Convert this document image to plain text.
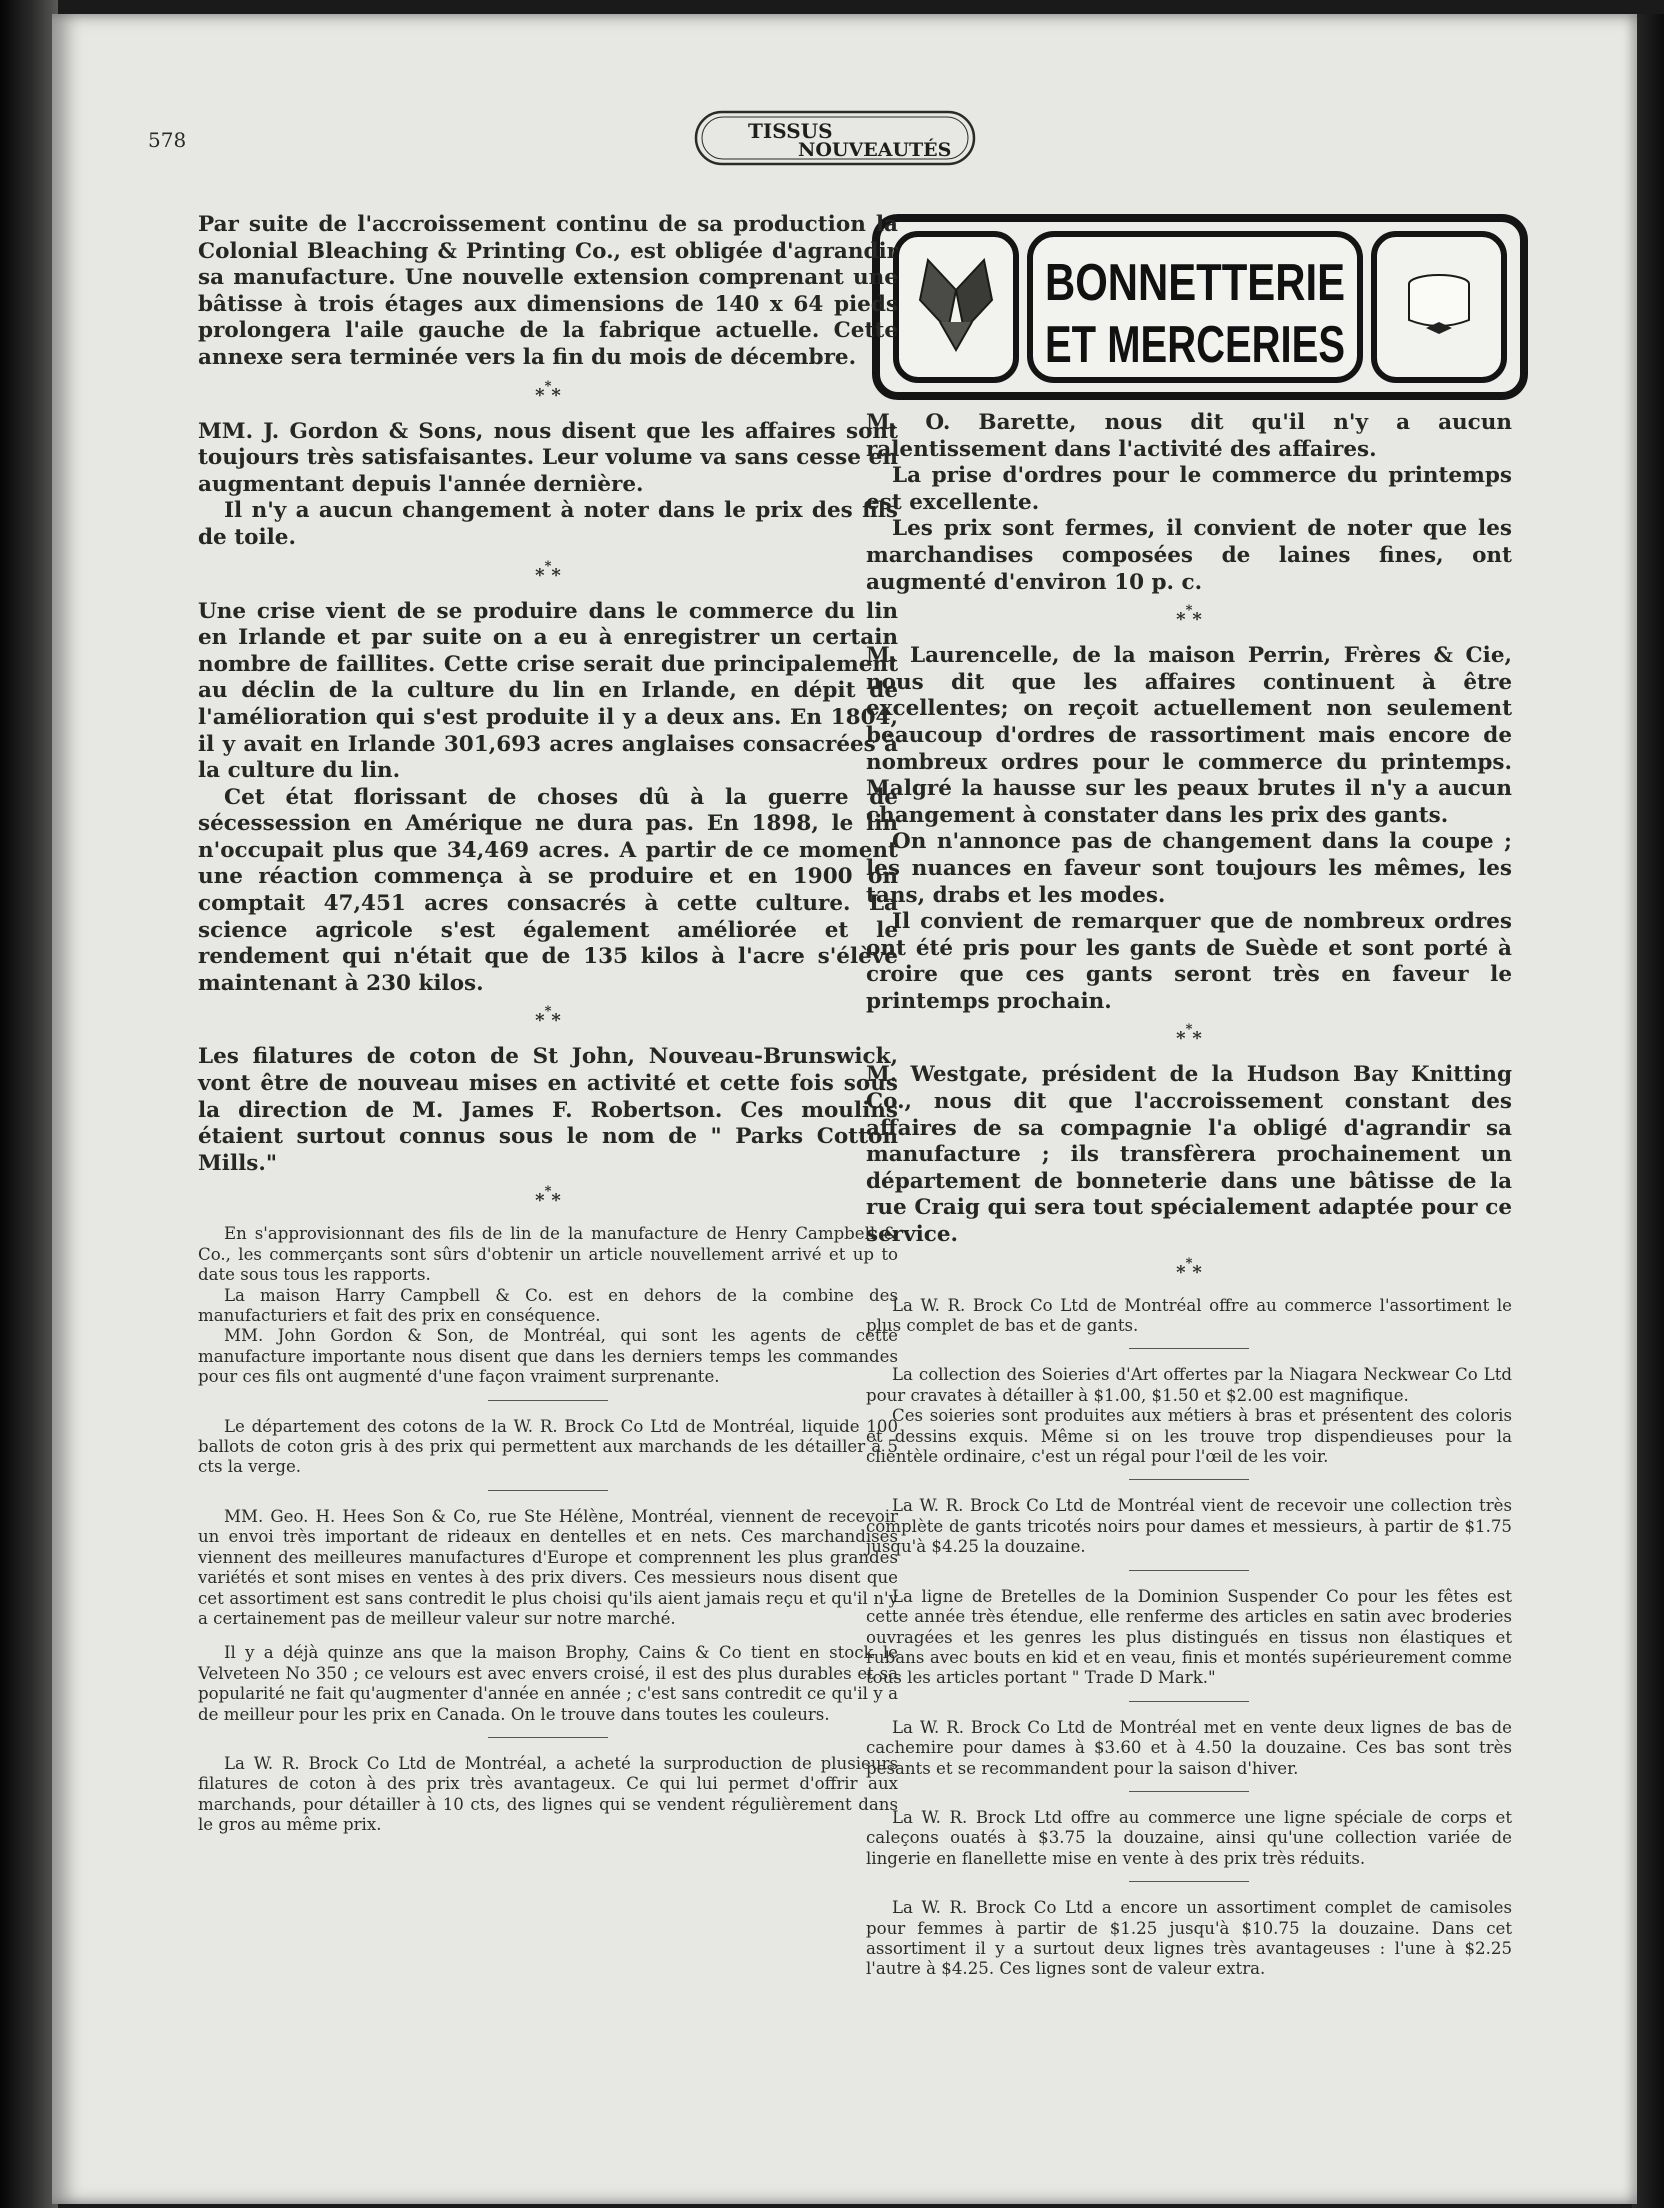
578	TISSUS
NOUVEAUTÉS
BONNETTERIE
ET MERCERIES

Par suite de l'accroissement continu de sa production la Colonial Bleaching & Printing Co., est obligée d'agrandir sa manufacture. Une nouvelle extension comprenant une bâtisse à trois étages aux dimensions de 140 x 64 pieds prolongera l'aile gauche de la fabrique actuelle. Cette annexe sera terminée vers la fin du mois de décembre.

***

MM. J. Gordon & Sons, nous disent que les affaires sont toujours très satisfaisantes. Leur volume va sans cesse en augmentant depuis l'année dernière.

Il n'y a aucun changement à noter dans le prix des fils de toile.

***

Une crise vient de se produire dans le commerce du lin en Irlande et par suite on a eu à enregistrer un certain nombre de faillites. Cette crise serait due principalement au déclin de la culture du lin en Irlande, en dépit de l'amélioration qui s'est produite il y a deux ans. En 1804, il y avait en Irlande 301,693 acres anglaises consacrées à la culture du lin.

Cet état florissant de choses dû à la guerre de sécessession en Amérique ne dura pas. En 1898, le lin n'occupait plus que 34,469 acres. A partir de ce moment une réaction commença à se produire et en 1900 on comptait 47,451 acres consacrés à cette culture. La science agricole s'est également améliorée et le rendement qui n'était que de 135 kilos à l'acre s'élève maintenant à 230 kilos.

***

Les filatures de coton de St John, Nouveau-Brunswick, vont être de nouveau mises en activité et cette fois sous la direction de M. James F. Robertson. Ces moulins étaient surtout connus sous le nom de " Parks Cotton Mills."

***

En s'approvisionnant des fils de lin de la manufacture de Henry Campbell & Co., les commerçants sont sûrs d'obtenir un article nouvellement arrivé et up to date sous tous les rapports.

La maison Harry Campbell & Co. est en dehors de la combine des manufacturiers et fait des prix en conséquence.

MM. John Gordon & Son, de Montréal, qui sont les agents de cette manufacture importante nous disent que dans les derniers temps les commandes pour ces fils ont augmenté d'une façon vraiment surprenante.

Le département des cotons de la W. R. Brock Co Ltd de Montréal, liquide 100 ballots de coton gris à des prix qui permettent aux marchands de les détailler à 5 cts la verge.

MM. Geo. H. Hees Son & Co, rue Ste Hélène, Montréal, viennent de recevoir un envoi très important de rideaux en dentelles et en nets. Ces marchandises viennent des meilleures manufactures d'Europe et comprennent les plus grandes variétés et sont mises en ventes à des prix divers. Ces messieurs nous disent que cet assortiment est sans contredit le plus choisi qu'ils aient jamais reçu et qu'il n'y a certainement pas de meilleur valeur sur notre marché.

Il y a déjà quinze ans que la maison Brophy, Cains & Co tient en stock le Velveteen No 350 ; ce velours est avec envers croisé, il est des plus durables et sa popularité ne fait qu'augmenter d'année en année ; c'est sans contredit ce qu'il y a de meilleur pour les prix en Canada. On le trouve dans toutes les couleurs.

La W. R. Brock Co Ltd de Montréal, a acheté la surproduction de plusieurs filatures de coton à des prix très avantageux. Ce qui lui permet d'offrir aux marchands, pour détailler à 10 cts, des lignes qui se vendent régulièrement dans le gros au même prix.

M. O. Barette, nous dit qu'il n'y a aucun ralentissement dans l'activité des affaires.

La prise d'ordres pour le commerce du printemps est excellente.

Les prix sont fermes, il convient de noter que les marchandises composées de laines fines, ont augmenté d'environ 10 p. c.

***

M. Laurencelle, de la maison Perrin, Frères & Cie, nous dit que les affaires continuent à être excellentes; on reçoit actuellement non seulement beaucoup d'ordres de rassortiment mais encore de nombreux ordres pour le commerce du printemps. Malgré la hausse sur les peaux brutes il n'y a aucun changement à constater dans les prix des gants.

On n'annonce pas de changement dans la coupe ; les nuances en faveur sont toujours les mêmes, les tans, drabs et les modes.

Il convient de remarquer que de nombreux ordres ont été pris pour les gants de Suède et sont porté à croire que ces gants seront très en faveur le printemps prochain.

***

M. Westgate, président de la Hudson Bay Knitting Co., nous dit que l'accroissement constant des affaires de sa compagnie l'a obligé d'agrandir sa manufacture ; ils transfèrera prochainement un département de bonneterie dans une bâtisse de la rue Craig qui sera tout spécialement adaptée pour ce service.

***

La W. R. Brock Co Ltd de Montréal offre au commerce l'assortiment le plus complet de bas et de gants.

La collection des Soieries d'Art offertes par la Niagara Neckwear Co Ltd pour cravates à détailler à $1.00, $1.50 et $2.00 est magnifique.

Ces soieries sont produites aux métiers à bras et présentent des coloris et dessins exquis. Même si on les trouve trop dispendieuses pour la clientèle ordinaire, c'est un régal pour l'œil de les voir.

La W. R. Brock Co Ltd de Montréal vient de recevoir une collection très complète de gants tricotés noirs pour dames et messieurs, à partir de $1.75 jusqu'à $4.25 la douzaine.

La ligne de Bretelles de la Dominion Suspender Co pour les fêtes est cette année très étendue, elle renferme des articles en satin avec broderies ouvragées et les genres les plus distingués en tissus non élastiques et rubans avec bouts en kid et en veau, finis et montés supérieurement comme tous les articles portant " Trade D Mark."

La W. R. Brock Co Ltd de Montréal met en vente deux lignes de bas de cachemire pour dames à $3.60 et à 4.50 la douzaine. Ces bas sont très pesants et se recommandent pour la saison d'hiver.

La W. R. Brock Ltd offre au commerce une ligne spéciale de corps et caleçons ouatés à $3.75 la douzaine, ainsi qu'une collection variée de lingerie en flanellette mise en vente à des prix très réduits.

La W. R. Brock Co Ltd a encore un assortiment complet de camisoles pour femmes à partir de $1.25 jusqu'à $10.75 la douzaine. Dans cet assortiment il y a surtout deux lignes très avantageuses : l'une à $2.25 l'autre à $4.25. Ces lignes sont de valeur extra.
